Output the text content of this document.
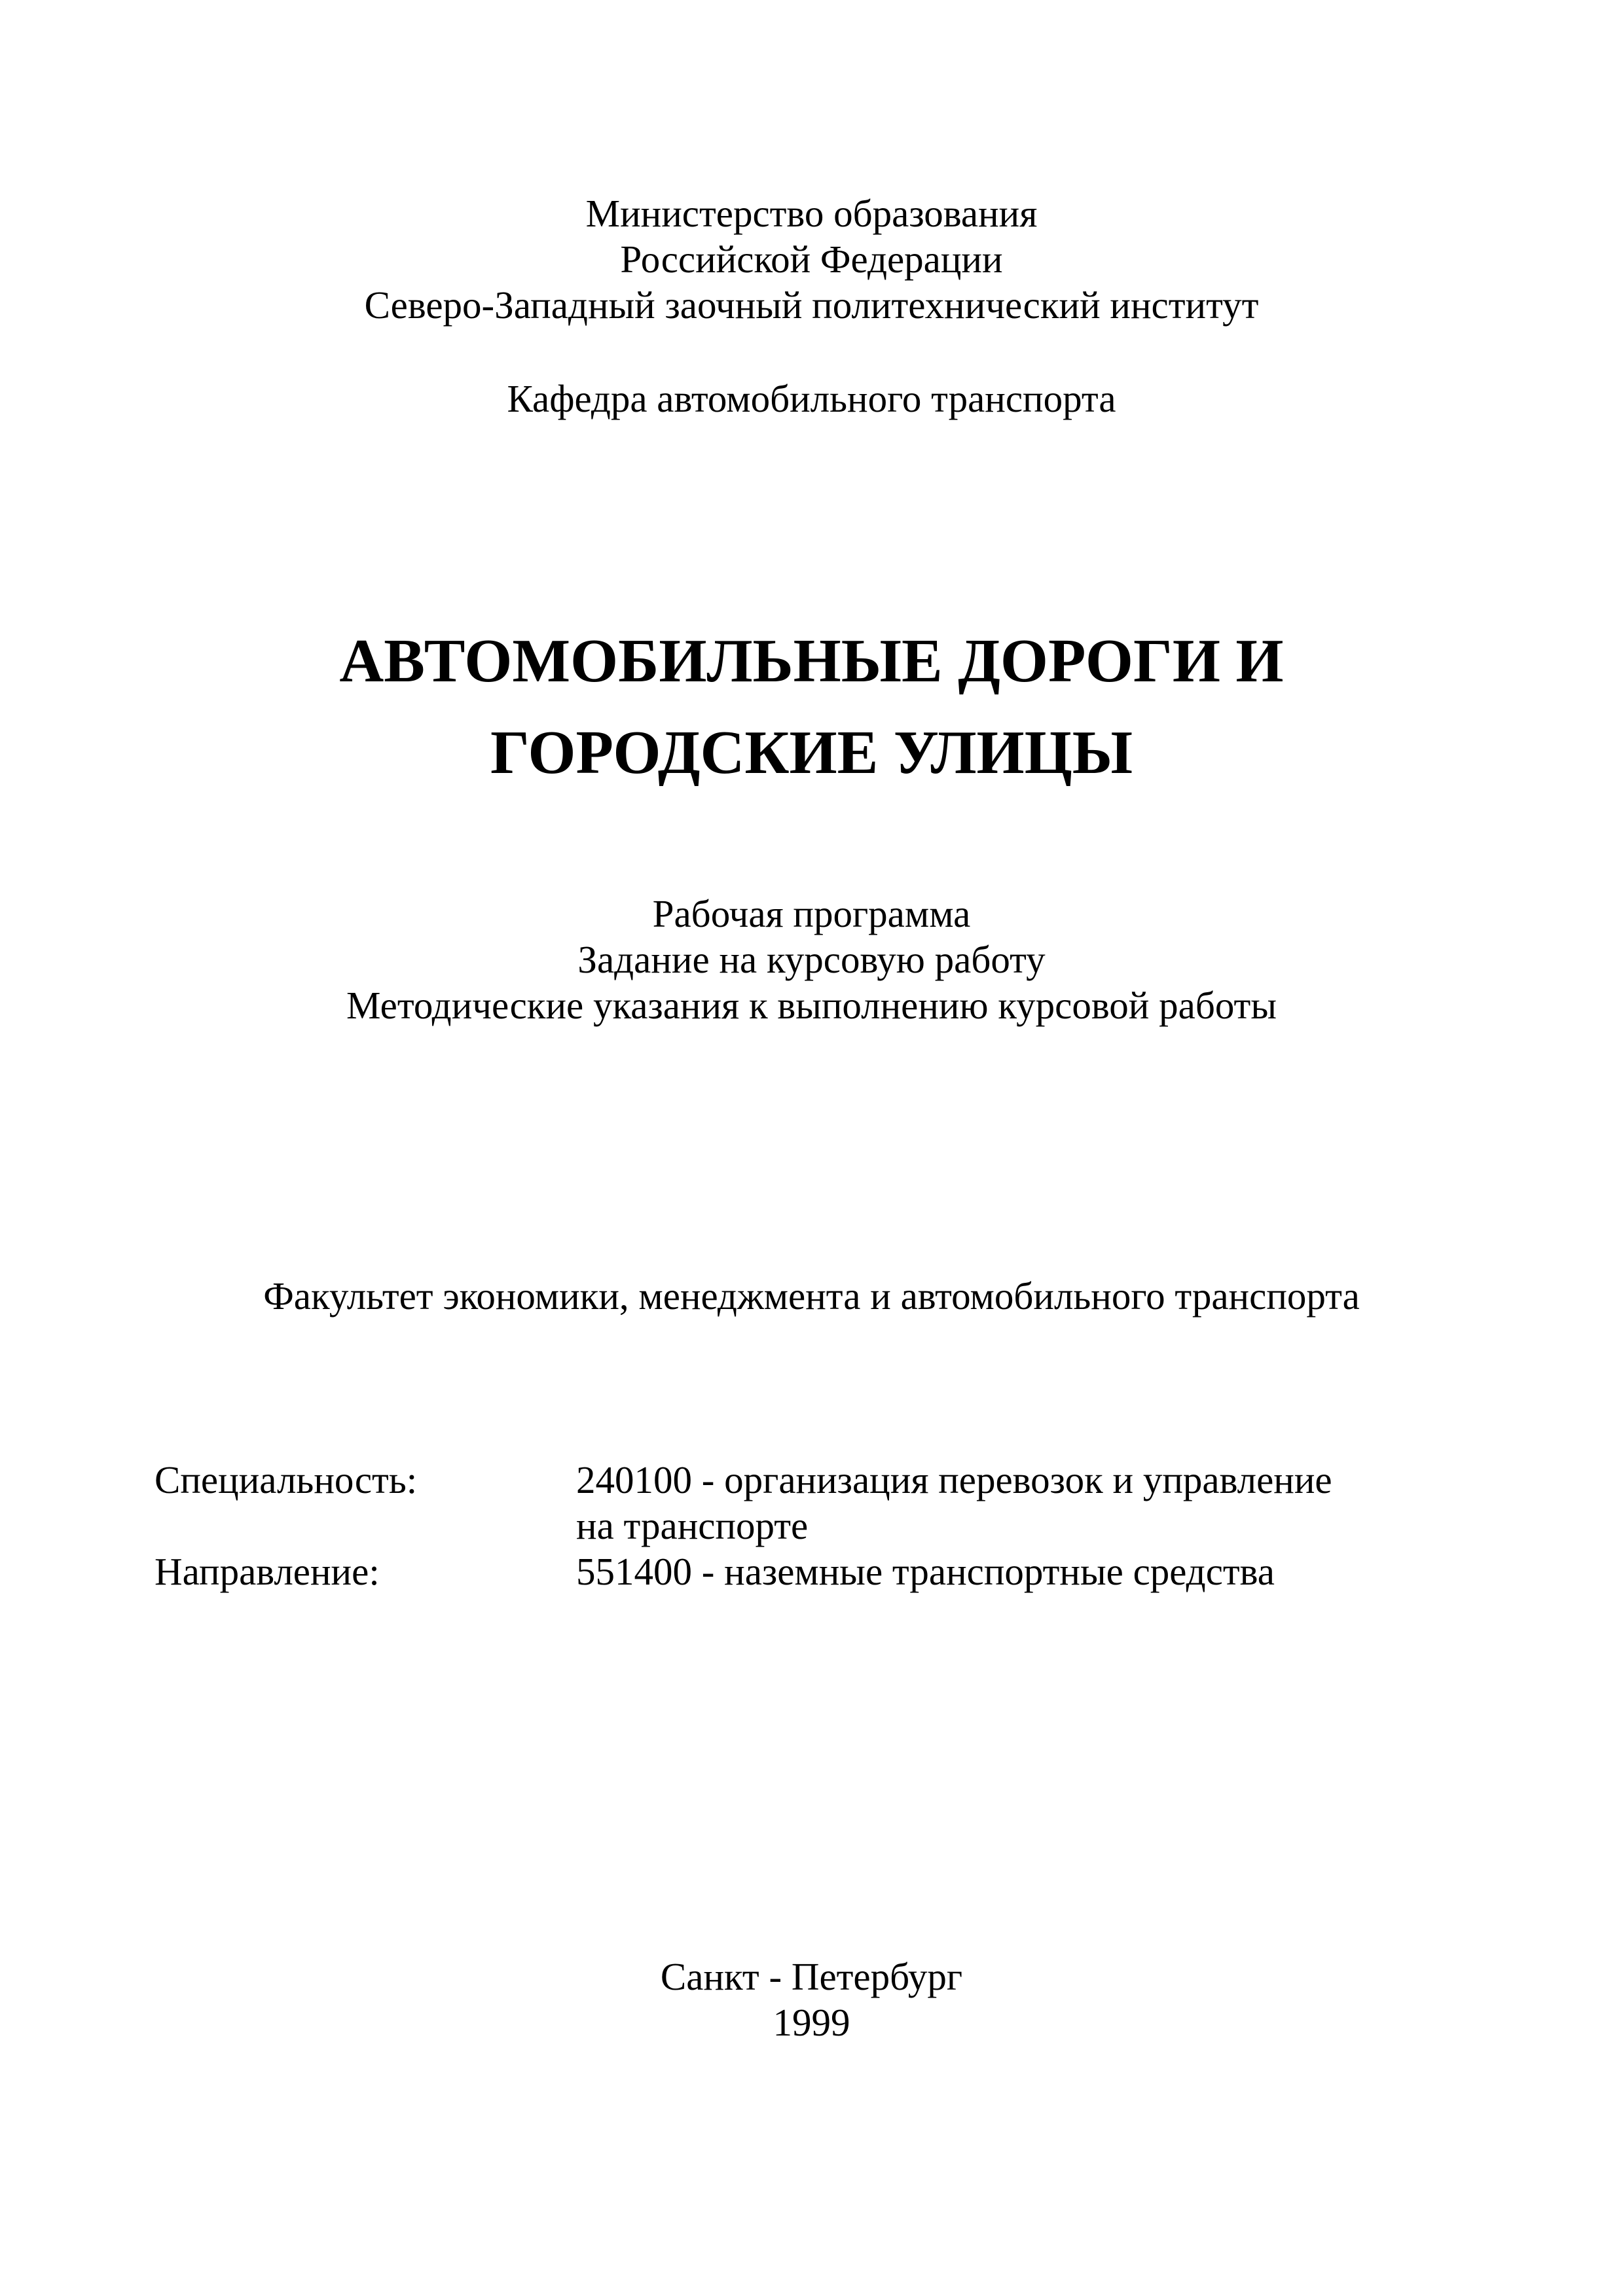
Министерство образования
Российской Федерации
Северо-Западный заочный политехнический институт
Кафедра автомобильного транспорта
АВТОМОБИЛЬНЫЕ ДОРОГИ И
ГОРОДСКИЕ УЛИЦЫ
Рабочая программа
Задание на курсовую работу
Методические указания к выполнению курсовой работы
Факультет экономики, менеджмента и автомобильного транспорта
Специальность:	240100 - организация перевозок и управление
на транспорте
Направление:	551400 - наземные транспортные средства
Санкт - Петербург
1999
